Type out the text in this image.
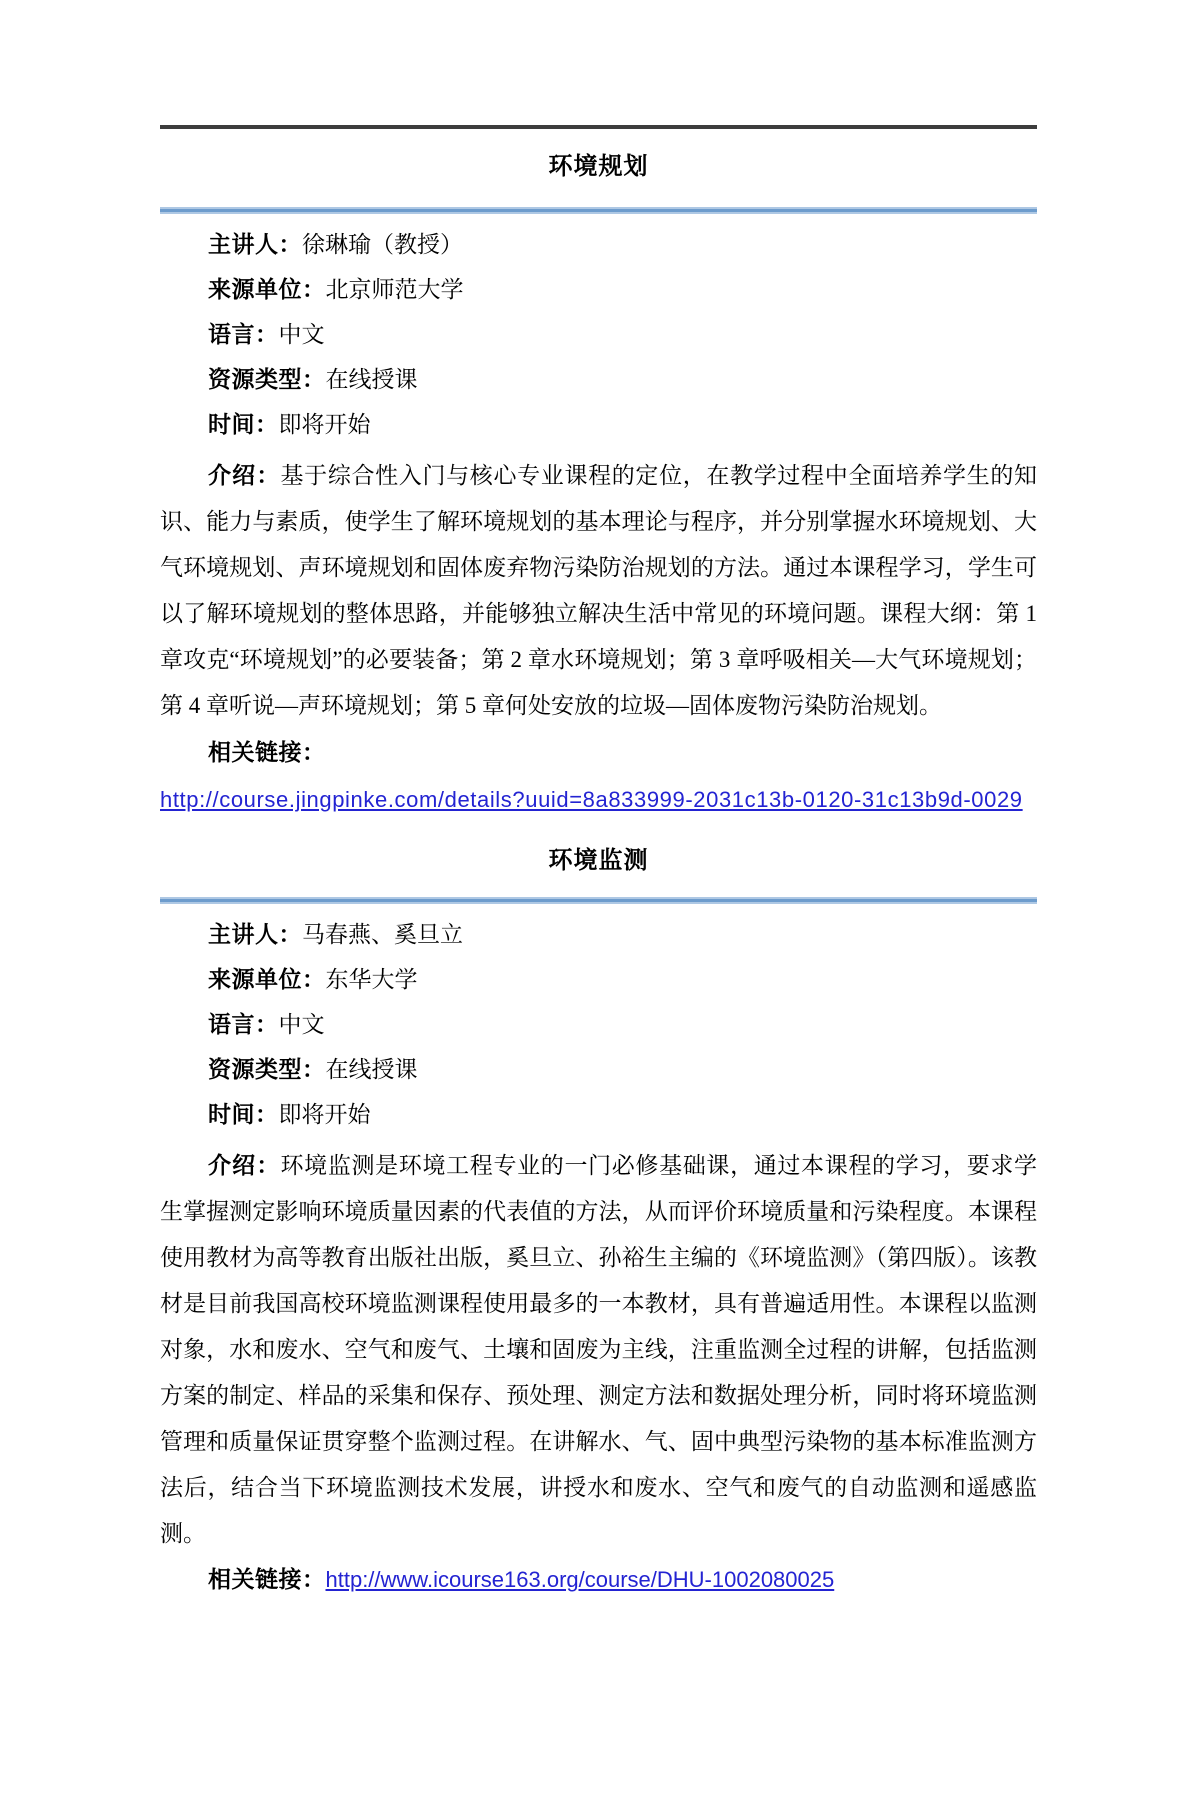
环境规划
主讲人：徐琳瑜（教授）
来源单位：北京师范大学
语言：中文
资源类型：在线授课
时间：即将开始

介绍：基于综合性入门与核心专业课程的定位，在教学过程中全面培养学生的知识、能力与素质，使学生了解环境规划的基本理论与程序，并分别掌握水环境规划、大气环境规划、声环境规划和固体废弃物污染防治规划的方法。通过本课程学习，学生可以了解环境规划的整体思路，并能够独立解决生活中常见的环境问题。课程大纲：第 1 章攻克“环境规划”的必要装备；第 2 章水环境规划；第 3 章呼吸相关—大气环境规划；第 4 章听说—声环境规划；第 5 章何处安放的垃圾—固体废物污染防治规划。

相关链接：

http://course.jingpinke.com/details?uuid=8a833999-2031c13b-0120-31c13b9d-0029

环境监测
主讲人：马春燕、奚旦立
来源单位：东华大学
语言：中文
资源类型：在线授课
时间：即将开始

介绍：环境监测是环境工程专业的一门必修基础课，通过本课程的学习，要求学生掌握测定影响环境质量因素的代表值的方法，从而评价环境质量和污染程度。本课程使用教材为高等教育出版社出版，奚旦立、孙裕生主编的《环境监测》（第四版）。该教材是目前我国高校环境监测课程使用最多的一本教材，具有普遍适用性。本课程以监测对象，水和废水、空气和废气、土壤和固废为主线，注重监测全过程的讲解，包括监测方案的制定、样品的采集和保存、预处理、测定方法和数据处理分析，同时将环境监测管理和质量保证贯穿整个监测过程。在讲解水、气、固中典型污染物的基本标准监测方法后，结合当下环境监测技术发展，讲授水和废水、空气和废气的自动监测和遥感监测。

相关链接：http://www.icourse163.org/course/DHU-1002080025
